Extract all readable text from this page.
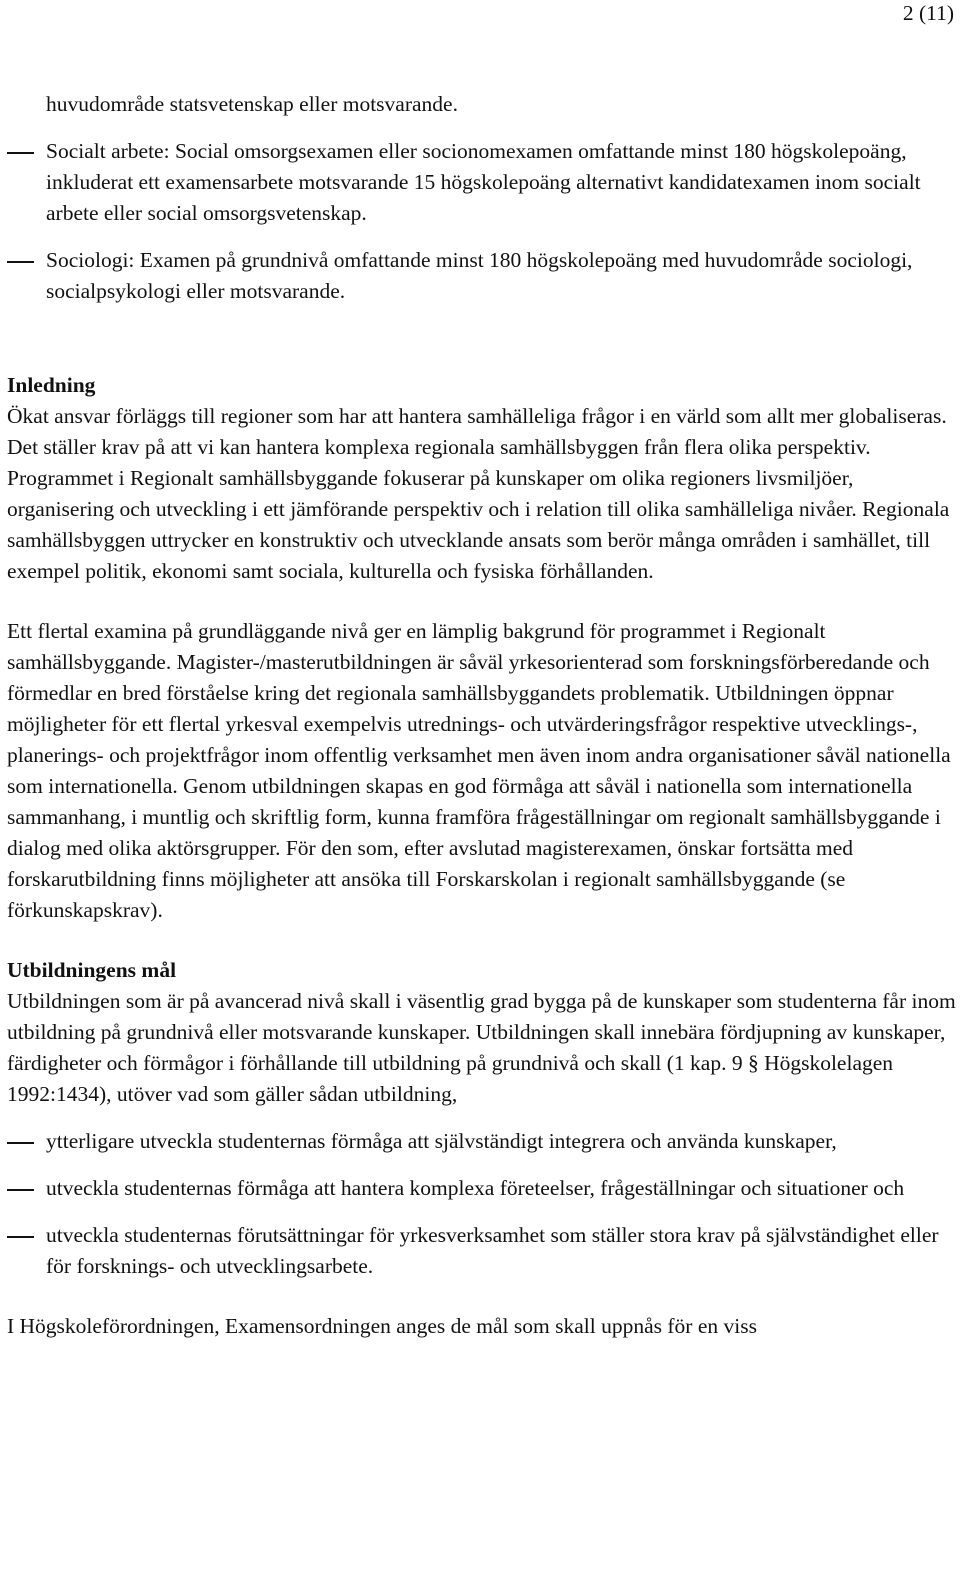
2 (11)

huvudområde statsvetenskap eller motsvarande.

Socialt arbete: Social omsorgsexamen eller socionomexamen omfattande minst 180 högskolepoäng, inkluderat ett examensarbete motsvarande 15 högskolepoäng alternativt kandidatexamen inom socialt arbete eller social omsorgsvetenskap.
Sociologi: Examen på grundnivå omfattande minst 180 högskolepoäng med huvudområde sociologi, socialpsykologi eller motsvarande.

Inledning

Ökat ansvar förläggs till regioner som har att hantera samhälleliga frågor i en värld som allt mer globaliseras. Det ställer krav på att vi kan hantera komplexa regionala samhällsbyggen från flera olika perspektiv. Programmet i Regionalt samhällsbyggande fokuserar på kunskaper om olika regioners livsmiljöer, organisering och utveckling i ett jämförande perspektiv och i relation till olika samhälleliga nivåer. Regionala samhällsbyggen uttrycker en konstruktiv och utvecklande ansats som berör många områden i samhället, till exempel politik, ekonomi samt sociala, kulturella och fysiska förhållanden.

Ett flertal examina på grundläggande nivå ger en lämplig bakgrund för programmet i Regionalt samhällsbyggande. Magister-/masterutbildningen är såväl yrkesorienterad som forskningsförberedande och förmedlar en bred förståelse kring det regionala samhällsbyggandets problematik. Utbildningen öppnar möjligheter för ett flertal yrkesval exempelvis utrednings- och utvärderingsfrågor respektive utvecklings-, planerings- och projektfrågor inom offentlig verksamhet men även inom andra organisationer såväl nationella som internationella. Genom utbildningen skapas en god förmåga att såväl i nationella som internationella sammanhang, i muntlig och skriftlig form, kunna framföra frågeställningar om regionalt samhällsbyggande i dialog med olika aktörsgrupper. För den som, efter avslutad magisterexamen, önskar fortsätta med forskarutbildning finns möjligheter att ansöka till Forskarskolan i regionalt samhällsbyggande (se förkunskapskrav).

Utbildningens mål

Utbildningen som är på avancerad nivå skall i väsentlig grad bygga på de kunskaper som studenterna får inom utbildning på grundnivå eller motsvarande kunskaper. Utbildningen skall innebära fördjupning av kunskaper, färdigheter och förmågor i förhållande till utbildning på grundnivå och skall (1 kap. 9 § Högskolelagen 1992:1434), utöver vad som gäller sådan utbildning,

ytterligare utveckla studenternas förmåga att självständigt integrera och använda kunskaper,
utveckla studenternas förmåga att hantera komplexa företeelser, frågeställningar och situationer och
utveckla studenternas förutsättningar för yrkesverksamhet som ställer stora krav på självständighet eller för forsknings- och utvecklingsarbete.

I Högskoleförordningen, Examensordningen anges de mål som skall uppnås för en viss
